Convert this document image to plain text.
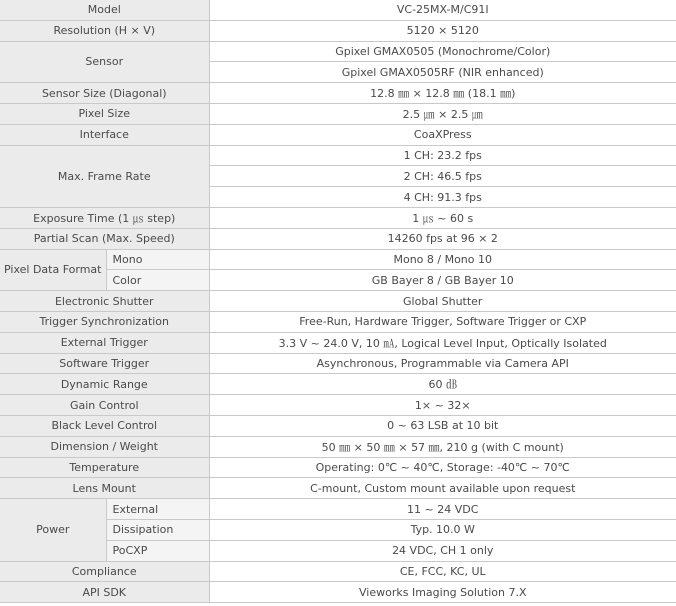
Model		VC-25MX-M/C91I
Resolution (H × V)		5120 × 5120
Sensor		Gpixel GMAX0505 (Monochrome/Color)
		Gpixel GMAX0505RF (NIR enhanced)
Sensor Size (Diagonal)		12.8 ㎜ × 12.8 ㎜ (18.1 ㎜)
Pixel Size		2.5 ㎛ × 2.5 ㎛
Interface		CoaXPress
Max. Frame Rate		1 CH: 23.2 fps
		2 CH: 46.5 fps
		4 CH: 91.3 fps
Exposure Time (1 ㎲ step)		1 ㎲ ~ 60 s
Partial Scan (Max. Speed)		14260 fps at 96 × 2
Pixel Data Format	Mono	Mono 8 / Mono 10
	Color	GB Bayer 8 / GB Bayer 10
Electronic Shutter		Global Shutter
Trigger Synchronization		Free-Run, Hardware Trigger, Software Trigger or CXP
External Trigger		3.3 V ~ 24.0 V, 10 ㎃, Logical Level Input, Optically Isolated
Software Trigger		Asynchronous, Programmable via Camera API
Dynamic Range		60 ㏈
Gain Control		1× ~ 32×
Black Level Control		0 ~ 63 LSB at 10 bit
Dimension / Weight		50 ㎜ × 50 ㎜ × 57 ㎜, 210 g (with C mount)
Temperature		Operating: 0℃ ~ 40℃, Storage: -40℃ ~ 70℃
Lens Mount		C-mount, Custom mount available upon request
Power	External	11 ~ 24 VDC
	Dissipation	Typ. 10.0 W
	PoCXP	24 VDC, CH 1 only
Compliance		CE, FCC, KC, UL
API SDK		Vieworks Imaging Solution 7.X
